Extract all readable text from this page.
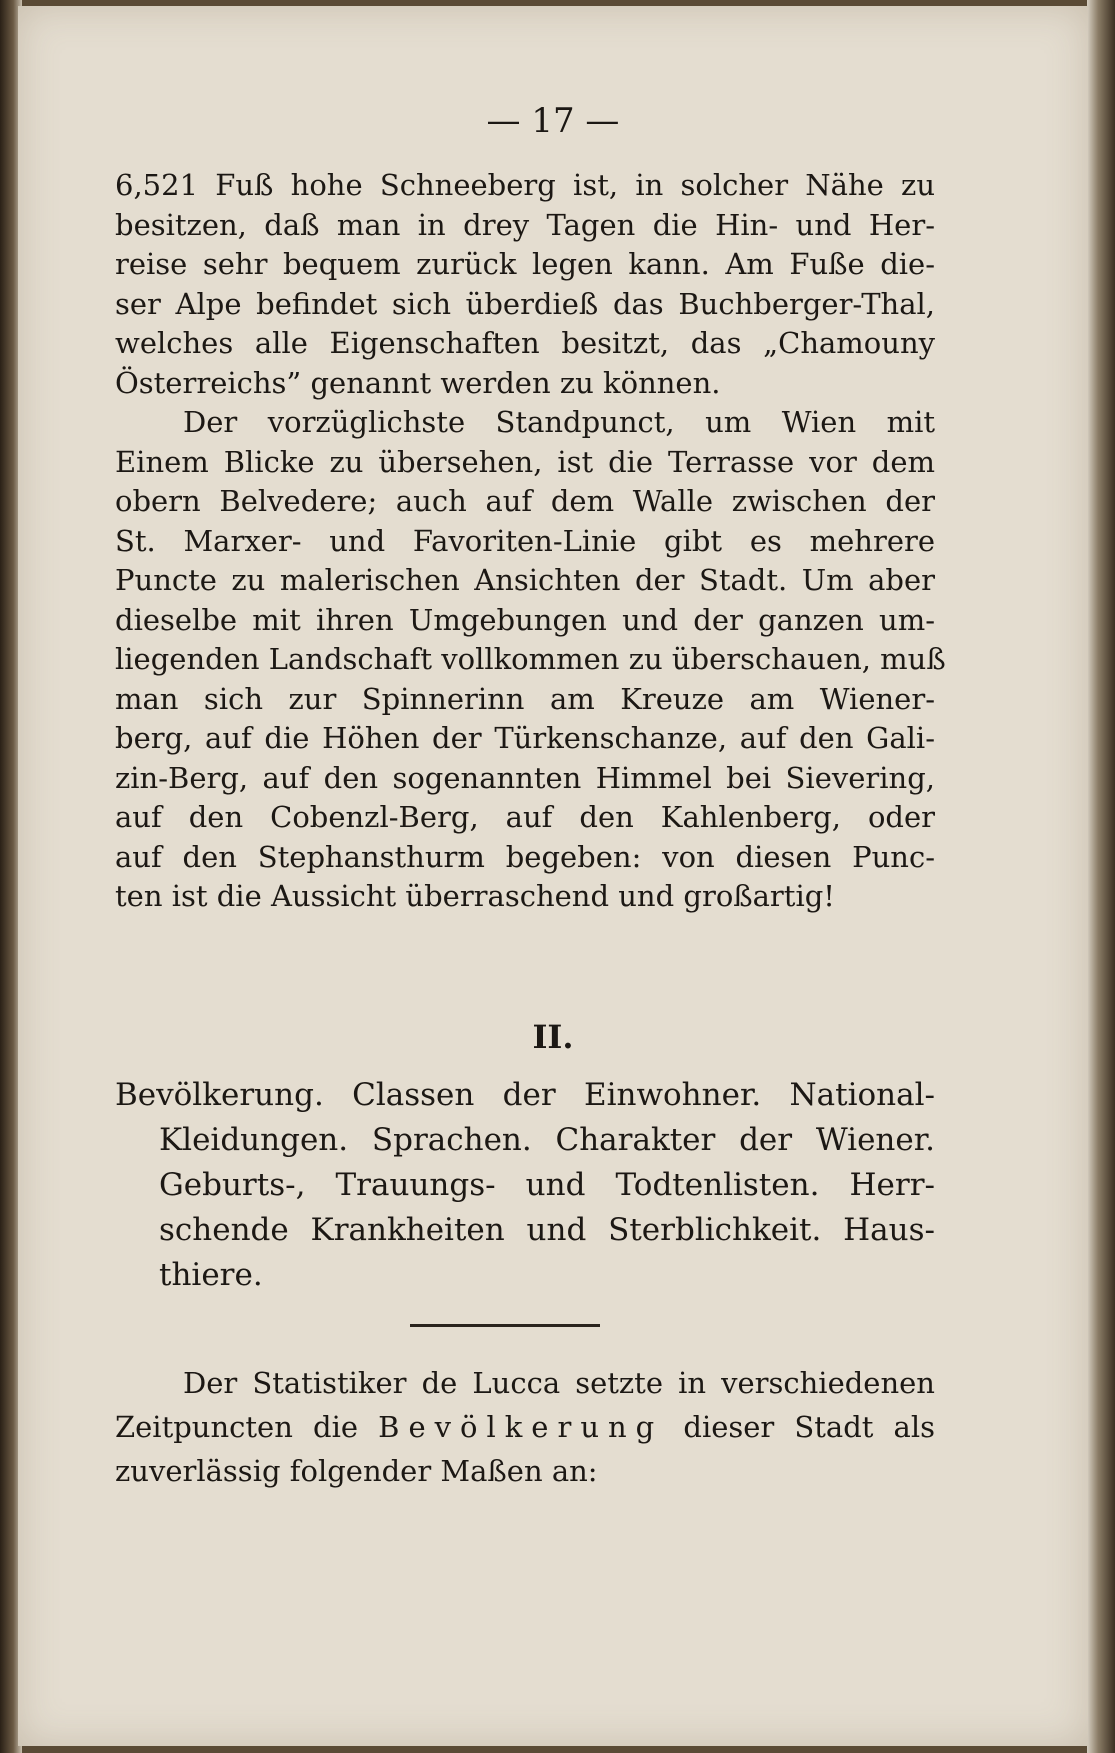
— 17 —
6,521 Fuß hohe Schneeberg ist, in solcher Nähe zu
besitzen, daß man in drey Tagen die Hin- und Her-
reise sehr bequem zurück legen kann. Am Fuße die-
ser Alpe befindet sich überdieß das Buchberger-Thal,
welches alle Eigenschaften besitzt, das „Chamouny
Österreichs” genannt werden zu können.
Der vorzüglichste Standpunct, um Wien mit
Einem Blicke zu übersehen, ist die Terrasse vor dem
obern Belvedere; auch auf dem Walle zwischen der
St. Marxer- und Favoriten-Linie gibt es mehrere
Puncte zu malerischen Ansichten der Stadt. Um aber
dieselbe mit ihren Umgebungen und der ganzen um-
liegenden Landschaft vollkommen zu überschauen, muß
man sich zur Spinnerinn am Kreuze am Wiener-
berg, auf die Höhen der Türkenschanze, auf den Gali-
zin-Berg, auf den sogenannten Himmel bei Sievering,
auf den Cobenzl-Berg, auf den Kahlenberg, oder
auf den Stephansthurm begeben: von diesen Punc-
ten ist die Aussicht überraschend und großartig!
II.
Bevölkerung. Classen der Einwohner. National-
Kleidungen. Sprachen. Charakter der Wiener.
Geburts-, Trauungs- und Todtenlisten. Herr-
schende Krankheiten und Sterblichkeit. Haus-
thiere.
Der Statistiker de Lucca setzte in verschiedenen
Zeitpuncten die Bevölkerung dieser Stadt als
zuverlässig folgender Maßen an:
